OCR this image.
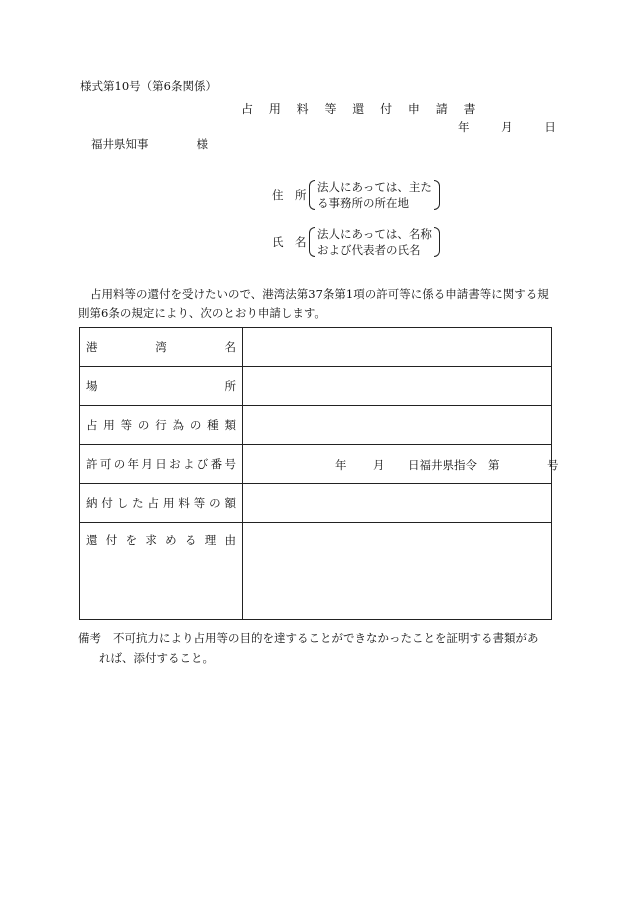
様式第10号（第6条関係）
占 用 料 等 還 付 申 請 書
年	月	日
福井県知事	様
住　所
法人にあっては、主た
る事務所の所在地
氏　名
法人にあっては、名称
および代表者の氏名
占用料等の還付を受けたいので、港湾法第37条第1項の許可等に係る申請書等に関する規則第6条の規定により、次のとおり申請します。
港湾名	
場所	
占用等の行為の種類	
許可の年月日および番号	年 月 日福井県指令 第 号

納付した占用料等の額	
還付を求める理由	
備考 不可抗力により占用等の目的を達することができなかったことを証明する書類があ
れば、添付すること。
